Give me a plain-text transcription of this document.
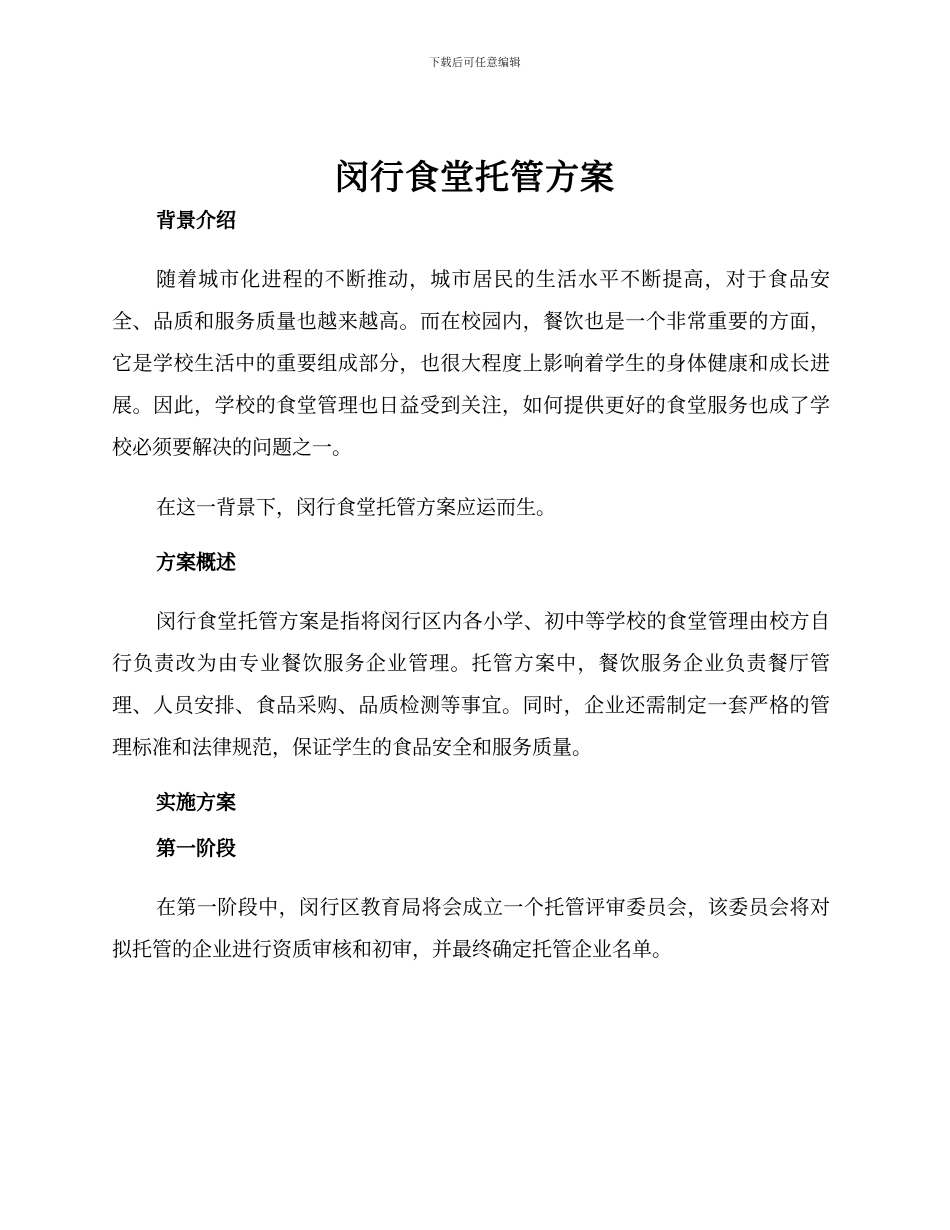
下载后可任意编辑
闵行食堂托管方案
背景介绍

随着城市化进程的不断推动，城市居民的生活水平不断提高，对于食品安全、品质和服务质量也越来越高。而在校园内，餐饮也是一个非常重要的方面，它是学校生活中的重要组成部分，也很大程度上影响着学生的身体健康和成长进展。因此，学校的食堂管理也日益受到关注，如何提供更好的食堂服务也成了学校必须要解决的问题之一。

在这一背景下，闵行食堂托管方案应运而生。

方案概述

闵行食堂托管方案是指将闵行区内各小学、初中等学校的食堂管理由校方自行负责改为由专业餐饮服务企业管理。托管方案中，餐饮服务企业负责餐厅管理、人员安排、食品采购、品质检测等事宜。同时，企业还需制定一套严格的管理标准和法律规范，保证学生的食品安全和服务质量。

实施方案
第一阶段

在第一阶段中，闵行区教育局将会成立一个托管评审委员会，该委员会将对拟托管的企业进行资质审核和初审，并最终确定托管企业名单。
